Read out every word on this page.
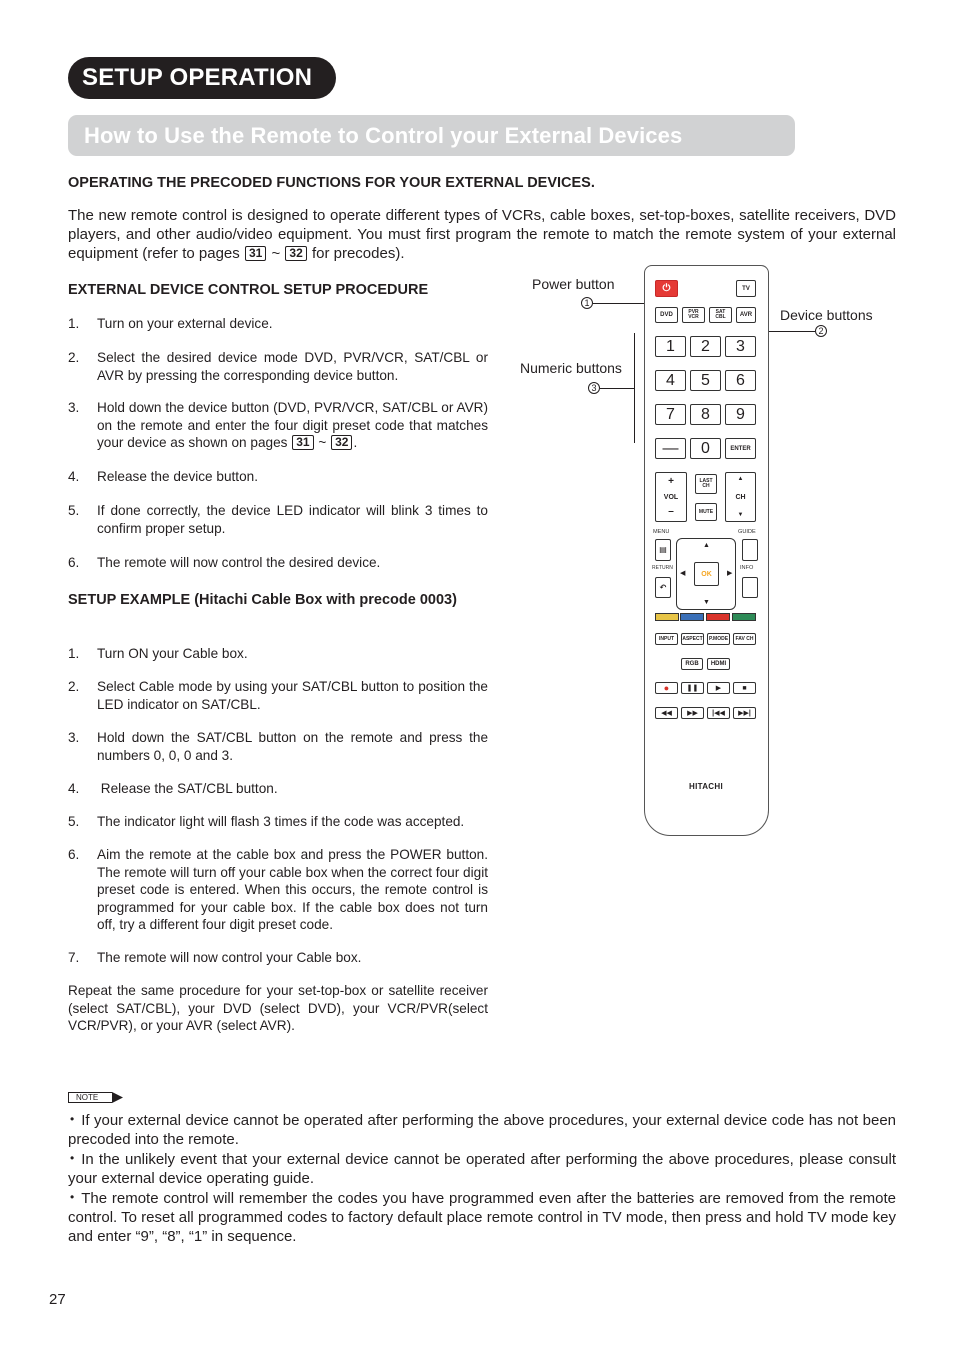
SETUP OPERATION
How to Use the Remote to Control your External Devices
OPERATING THE PRECODED FUNCTIONS FOR YOUR EXTERNAL DEVICES.
The new remote control is designed to operate different types of VCRs, cable boxes, set-top-boxes, satellite receivers, DVD players, and other audio/video equipment. You must first program the remote to match the remote system of your external equipment (refer to pages 31 ~ 32 for precodes).
EXTERNAL DEVICE CONTROL SETUP PROCEDURE
1. Turn on your external device.
2. Select the desired device mode DVD, PVR/VCR, SAT/CBL or AVR by pressing the corresponding device button.
3. Hold down the device button (DVD, PVR/VCR, SAT/CBL or AVR) on the remote and enter the four digit preset code that matches your device as shown on pages 31 ~ 32 .
4. Release the device button.
5. If done correctly, the device LED indicator will blink 3 times to confirm proper setup.
6. The remote will now control the desired device.
SETUP EXAMPLE (Hitachi Cable Box with precode 0003)
1. Turn ON your Cable box.
2. Select Cable mode by using your SAT/CBL button to position the LED indicator on SAT/CBL.
3. Hold down the SAT/CBL button on the remote and press the numbers 0, 0, 0 and 3.
4. Release the SAT/CBL button.
5. The indicator light will flash 3 times if the code was accepted.
6. Aim the remote at the cable box and press the POWER button. The remote will turn off your cable box when the correct four digit preset code is entered. When this occurs, the remote control is programmed for your cable box. If the cable box does not turn off, try a different four digit preset code.
7. The remote will now control your Cable box.
Repeat the same procedure for your set-top-box or satellite receiver (select SAT/CBL), your DVD (select DVD), your VCR/PVR(select VCR/PVR), or your AVR (select AVR).
Power button
1
Device buttons
2
Numeric buttons
3
⏻	TV
DVD	PVR VCR
SAT CBL	AVR
1	2	3
4	5	6
7	8	9
—	0	ENTER
+
VOL
–
LAST CH
MUTE
▲
CH
▼
MENU	GUIDE
▤
RETURN	INFO
↶
▲
▼
◀	▶
OK
INPUT	ASPECT	P.MODE	FAV CH
RGB	HDMI
●	❚❚	▶	■
◀◀	▶▶	|◀◀	▶▶|
HITACHI
NOTE
• If your external device cannot be operated after performing the above procedures, your external device code has not been precoded into the remote.
• In the unlikely event that your external device cannot be operated after performing the above procedures, please consult your external device operating guide.
• The remote control will remember the codes you have programmed even after the batteries are removed from the remote control. To reset all programmed codes to factory default place remote control in TV mode, then press and hold TV mode key and enter “9”, “8”, “1” in sequence.
27
